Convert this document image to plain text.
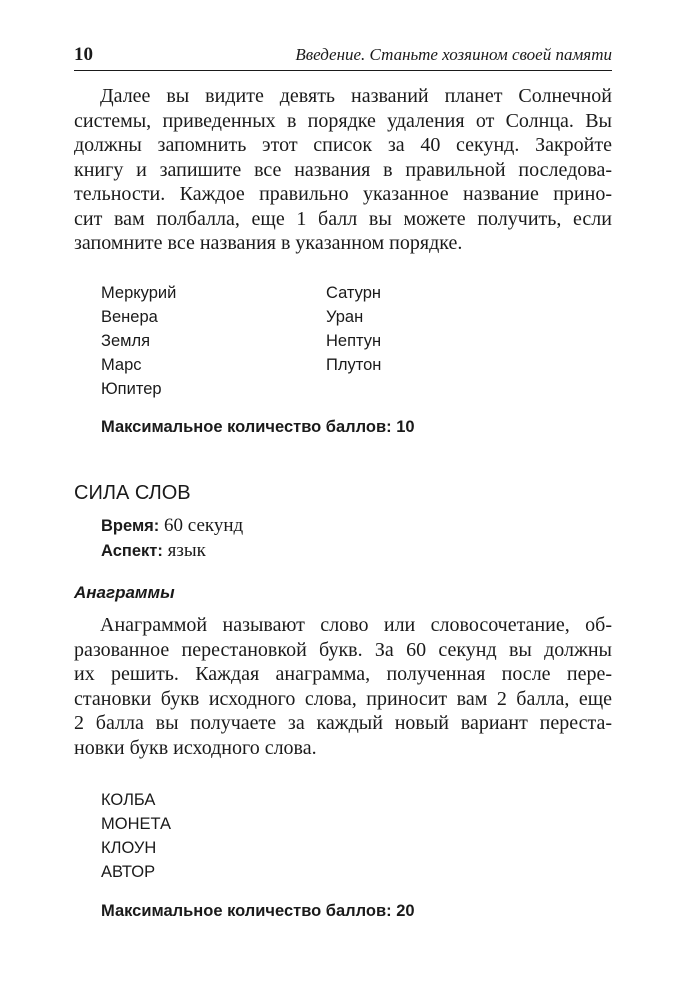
10	Введение. Станьте хозяином своей памяти
Далее вы видите девять названий планет Солнечной
системы, приведенных в порядке удаления от Солнца. Вы
должны запомнить этот список за 40 секунд. Закройте
книгу и запишите все названия в правильной последова-
тельности. Каждое правильно указанное название прино-
сит вам полбалла, еще 1 балл вы можете получить, если
запомните все названия в указанном порядке.
Меркурий
Венера
Земля
Марс
Юпитер
Сатурн
Уран
Нептун
Плутон
Максимальное количество баллов: 10
СИЛА СЛОВ
Время: 60 секунд
Аспект: язык
Анаграммы
Анаграммой называют слово или словосочетание, об-
разованное перестановкой букв. За 60 секунд вы должны
их решить. Каждая анаграмма, полученная после пере-
становки букв исходного слова, приносит вам 2 балла, еще
2 балла вы получаете за каждый новый вариант переста-
новки букв исходного слова.
КОЛБА
МОНЕТА
КЛОУН
АВТОР
Максимальное количество баллов: 20
